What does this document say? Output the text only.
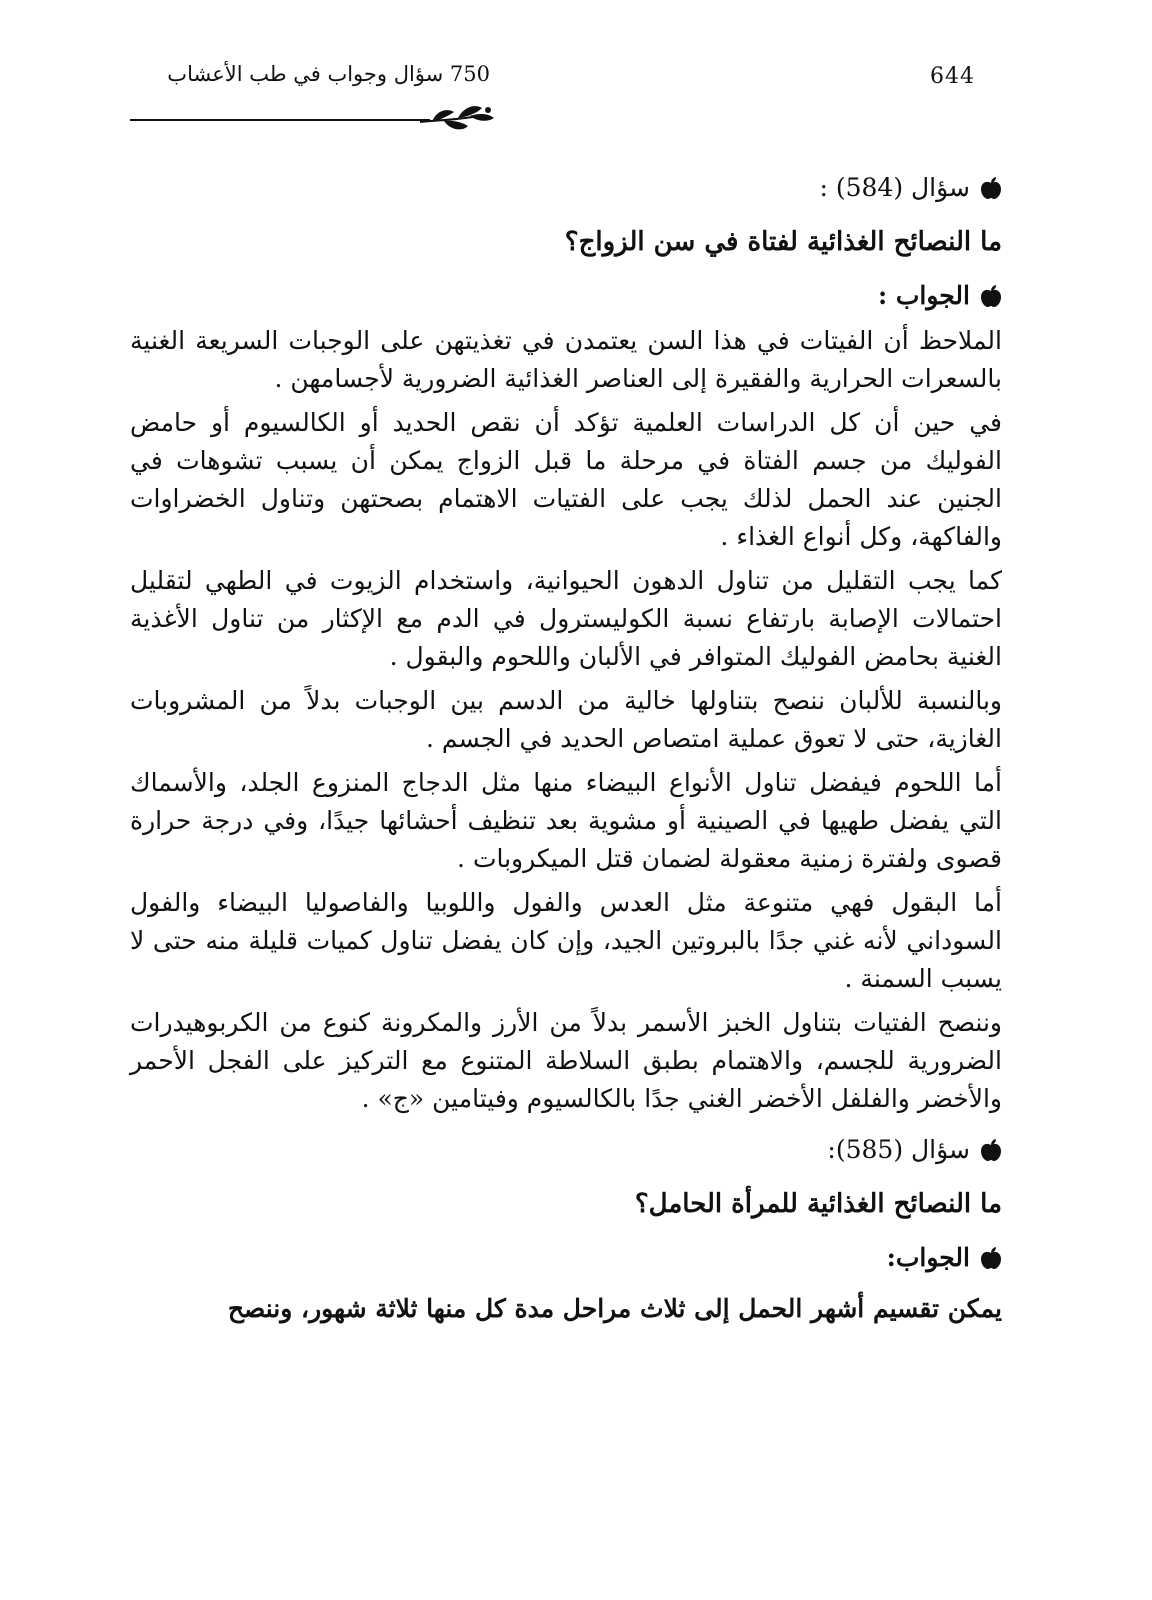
750 سؤال وجواب في طب الأعشاب	644
سؤال (584) :
ما النصائح الغذائية لفتاة في سن الزواج؟
الجواب :

الملاحظ أن الفيتات في هذا السن يعتمدن في تغذيتهن على الوجبات السريعة الغنية بالسعرات الحرارية والفقيرة إلى العناصر الغذائية الضرورية لأجسامهن .

في حين أن كل الدراسات العلمية تؤكد أن نقص الحديد أو الكالسيوم أو حامض الفوليك من جسم الفتاة في مرحلة ما قبل الزواج يمكن أن يسبب تشوهات في الجنين عند الحمل لذلك يجب على الفتيات الاهتمام بصحتهن وتناول الخضراوات والفاكهة، وكل أنواع الغذاء .

كما يجب التقليل من تناول الدهون الحيوانية، واستخدام الزيوت في الطهي لتقليل احتمالات الإصابة بارتفاع نسبة الكوليسترول في الدم مع الإكثار من تناول الأغذية الغنية بحامض الفوليك المتوافر في الألبان واللحوم والبقول .

وبالنسبة للألبان ننصح بتناولها خالية من الدسم بين الوجبات بدلاً من المشروبات الغازية، حتى لا تعوق عملية امتصاص الحديد في الجسم .

أما اللحوم فيفضل تناول الأنواع البيضاء منها مثل الدجاج المنزوع الجلد، والأسماك التي يفضل طهيها في الصينية أو مشوية بعد تنظيف أحشائها جيدًا، وفي درجة حرارة قصوى ولفترة زمنية معقولة لضمان قتل الميكروبات .

أما البقول فهي متنوعة مثل العدس والفول واللوبيا والفاصوليا البيضاء والفول السوداني لأنه غني جدًا بالبروتين الجيد، وإن كان يفضل تناول كميات قليلة منه حتى لا يسبب السمنة .

وننصح الفتيات بتناول الخبز الأسمر بدلاً من الأرز والمكرونة كنوع من الكربوهيدرات الضرورية للجسم، والاهتمام بطبق السلاطة المتنوع مع التركيز على الفجل الأحمر والأخضر والفلفل الأخضر الغني جدًا بالكالسيوم وفيتامين «ج» .

سؤال (585):
ما النصائح الغذائية للمرأة الحامل؟
الجواب:

يمكن تقسيم أشهر الحمل إلى ثلاث مراحل مدة كل منها ثلاثة شهور، وننصح
